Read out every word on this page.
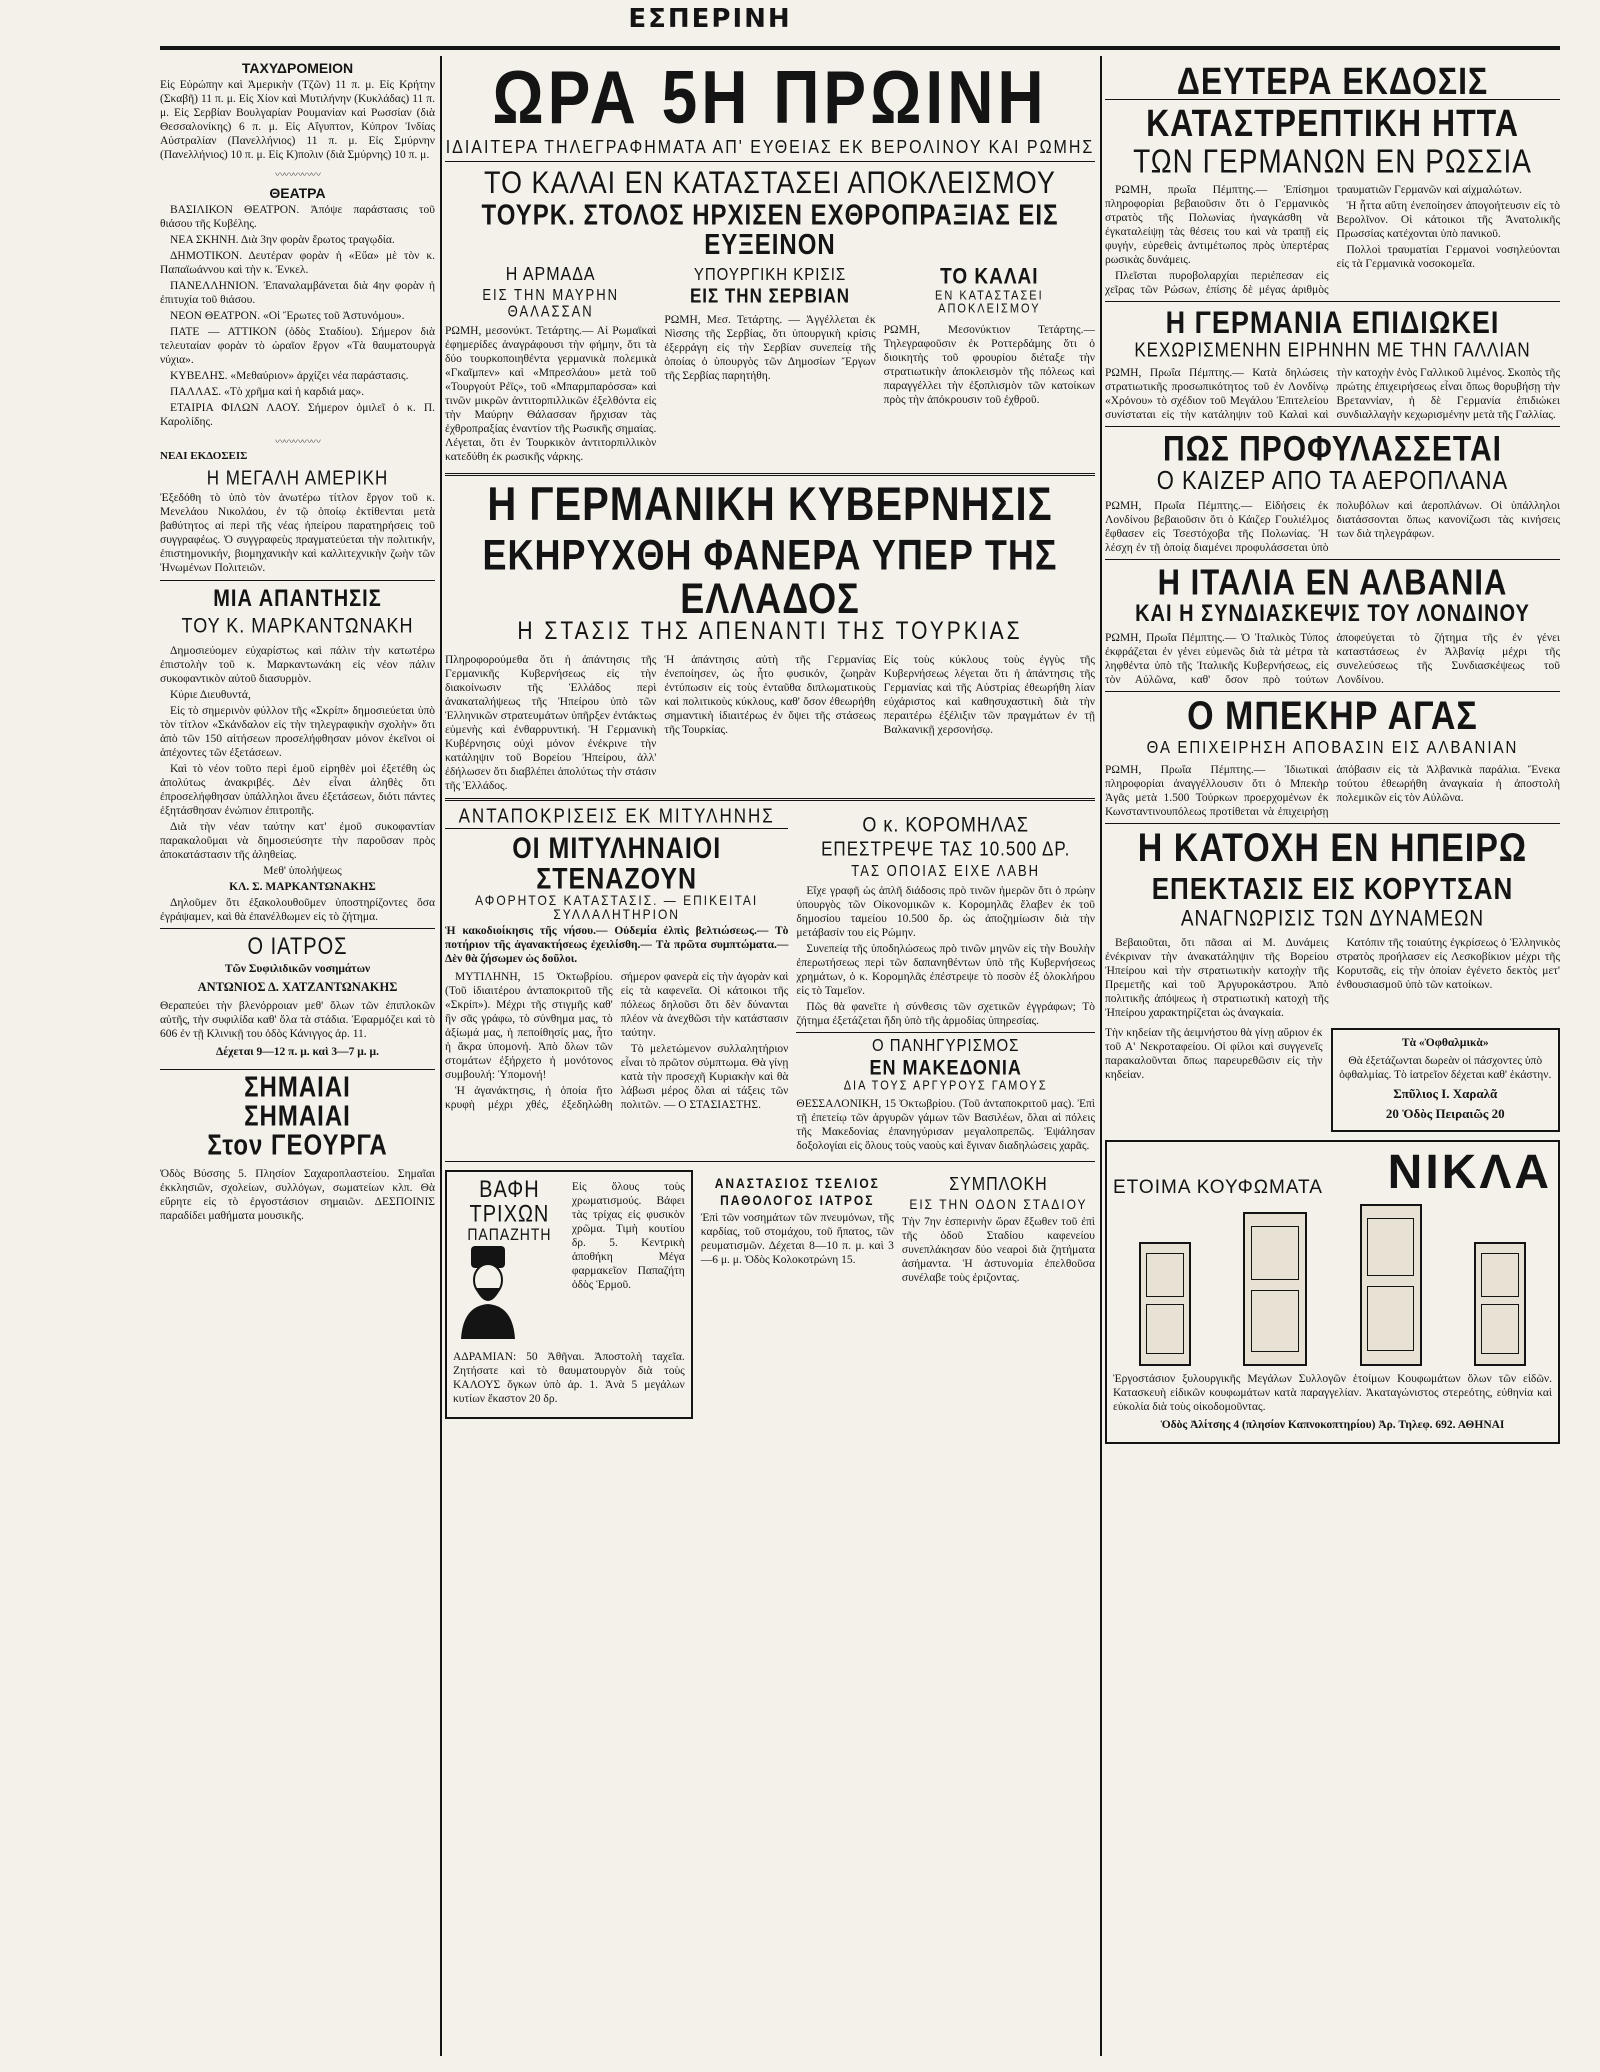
ΕΣΠΕΡΙΝΗ
ΤΑΧΥΔΡΟΜΕΙΟΝ
Εἰς Εὐρώπην καὶ Ἀμερικὴν (Τζῶν) 11 π. μ. Εἰς Κρήτην (Σκαβῆ) 11 π. μ. Εἰς Χίον καὶ Μυτιλήνην (Κυκλάδας) 11 π. μ. Εἰς Σερβίαν Βουλγαρίαν Ρουμανίαν καὶ Ρωσσίαν (διὰ Θεσσαλονίκης) 6 π. μ. Εἰς Αἴγυπτον, Κύπρον Ἰνδίας Αὐστραλίαν (Πανελλήνιος) 11 π. μ. Εἰς Σμύρνην (Πανελλήνιος) 10 π. μ. Εἰς Κ)πολιν (διὰ Σμύρνης) 10 π. μ.
〰〰〰〰〰
ΘΕΑΤΡΑ

ΒΑΣΙΛΙΚΟΝ ΘΕΑΤΡΟΝ. Ἀπόψε παράστασις τοῦ θιάσου τῆς Κυβέλης.

ΝΕΑ ΣΚΗΝΗ. Διὰ 3ην φορὰν ἔρωτος τραγῳδία.

ΔΗΜΟΤΙΚΟΝ. Δευτέραν φορὰν ἡ «Εὔα» μὲ τὸν κ. Παπαϊωάννου καὶ τὴν κ. Ἐνκελ.

ΠΑΝΕΛΛΗΝΙΟΝ. Ἐπαναλαμβάνεται διὰ 4ην φορὰν ἡ ἐπιτυχία τοῦ θιάσου.

ΝΕΟΝ ΘΕΑΤΡΟΝ. «Οἱ Ἔρωτες τοῦ Ἀστυνόμου».

ΠΑΤΕ — ΑΤΤΙΚΟΝ (ὁδὸς Σταδίου). Σήμερον διὰ τελευταίαν φορὰν τὸ ὡραῖον ἔργον «Τὰ θαυματουργὰ νύχια».

ΚΥΒΕΛΗΣ. «Μεθαύριον» ἀρχίζει νέα παράστασις.

ΠΑΛΛΑΣ. «Τὸ χρῆμα καὶ ἡ καρδιά μας».

ΕΤΑΙΡΙΑ ΦΙΛΩΝ ΛΑΟΥ. Σήμερον ὁμιλεῖ ὁ κ. Π. Καρολίδης.

〰〰〰〰〰
ΝΕΑΙ ΕΚΔΟΣΕΙΣ
Η ΜΕΓΑΛΗ ΑΜΕΡΙΚΗ
Ἐξεδόθη τὸ ὑπὸ τὸν ἀνωτέρω τίτλον ἔργον τοῦ κ. Μενελάου Νικολάου, ἐν τῷ ὁποίῳ ἐκτίθενται μετὰ βαθύτητος αἱ περὶ τῆς νέας ἠπείρου παρατηρήσεις τοῦ συγγραφέως. Ὁ συγγραφεὺς πραγματεύεται τὴν πολιτικήν, ἐπιστημονικήν, βιομηχανικὴν καὶ καλλιτεχνικὴν ζωὴν τῶν Ἡνωμένων Πολιτειῶν.
ΜΙΑ ΑΠΑΝΤΗΣΙΣ
ΤΟΥ Κ. ΜΑΡΚΑΝΤΩΝΑΚΗ

Δημοσιεύομεν εὐχαρίστως καὶ πάλιν τὴν κατωτέρω ἐπιστολὴν τοῦ κ. Μαρκαντωνάκη εἰς νέον πάλιν συκοφαντικὸν αὐτοῦ διασυρμὸν.

Κύριε Διευθυντά,

Εἰς τὸ σημερινὸν φύλλον τῆς «Σκρίπ» δημοσιεύεται ὑπὸ τὸν τίτλον «Σκάνδαλον εἰς τὴν τηλεγραφικὴν σχολὴν» ὅτι ἀπὸ τῶν 150 αἰτήσεων προσελήφθησαν μόνον ἐκεῖνοι οἱ ἀπέχοντες τῶν ἐξετάσεων.

Καὶ τὸ νέον τοῦτο περὶ ἐμοῦ εἰρηθὲν μοὶ ἐξετέθη ὡς ἀπολύτως ἀνακριβές. Δὲν εἶναι ἀληθὲς ὅτι ἐπροσελήφθησαν ὑπάλληλοι ἄνευ ἐξετάσεων, διότι πάντες ἐξητάσθησαν ἐνώπιον ἐπιτροπῆς.

Διὰ τὴν νέαν ταύτην κατ' ἐμοῦ συκοφαντίαν παρακαλοῦμαι νὰ δημοσιεύσητε τὴν παροῦσαν πρὸς ἀποκατάστασιν τῆς ἀληθείας.

Μεθ' ὑπολήψεως

ΚΛ. Σ. ΜΑΡΚΑΝΤΩΝΑΚΗΣ

Δηλοῦμεν ὅτι ἐξακολουθοῦμεν ὑποστηρίζοντες ὅσα ἐγράψαμεν, καὶ θὰ ἐπανέλθωμεν εἰς τὸ ζήτημα.

Ο ΙΑΤΡΟΣ
Τῶν Συφιλιδικῶν νοσημάτων
ΑΝΤΩΝΙΟΣ Δ. ΧΑΤΖΑΝΤΩΝΑΚΗΣ
Θεραπεύει τὴν βλενόρροιαν μεθ' ὅλων τῶν ἐπιπλοκῶν αὐτῆς, τὴν συφιλίδα καθ' ὅλα τὰ στάδια. Ἐφαρμόζει καὶ τὸ 606 ἐν τῇ Κλινικῇ του ὁδὸς Κάνιγγος ἀρ. 11.
Δέχεται 9—12 π. μ. καὶ 3—7 μ. μ.
ΣΗΜΑΙΑΙ
ΣΗΜΑΙΑΙ
Στον ΓΕΟΥΡΓΑ
Ὁδὸς Βύσσης 5. Πλησίον Σαχαροπλαστείου. Σημαῖαι ἐκκλησιῶν, σχολείων, συλλόγων, σωματείων κλπ. Θὰ εὕρητε εἰς τὸ ἐργοστάσιον σημαιῶν. ΔΕΣΠΟΙΝΙΣ παραδίδει μαθήματα μουσικῆς.
ΩΡΑ 5Η ΠΡΩΙΝΗ
ΙΔΙΑΙΤΕΡΑ ΤΗΛΕΓΡΑΦΗΜΑΤΑ ΑΠ' ΕΥΘΕΙΑΣ ΕΚ ΒΕΡΟΛΙΝΟΥ ΚΑΙ ΡΩΜΗΣ
ΤΟ ΚΑΛΑΙ ΕΝ ΚΑΤΑΣΤΑΣΕΙ ΑΠΟΚΛΕΙΣΜΟΥ
ΤΟΥΡΚ. ΣΤΟΛΟΣ ΗΡΧΙΣΕΝ ΕΧΘΡΟΠΡΑΞΙΑΣ ΕΙΣ ΕΥΞΕΙΝΟΝ
Η ΑΡΜΑΔΑ
ΕΙΣ ΤΗΝ ΜΑΥΡΗΝ ΘΑΛΑΣΣΑΝ
ΡΩΜΗ, μεσονύκτ. Τετάρτης.— Αἱ Ρωμαϊκαὶ ἐφημερίδες ἀναγράφουσι τὴν φήμην, ὅτι τὰ δύο τουρκοποιηθέντα γερμανικὰ πολεμικὰ «Γκαῖμπεν» καὶ «Μπρεσλάου» μετὰ τοῦ «Τουργοὺτ Ρέϊς», τοῦ «Μπαρμπαρόσσα» καὶ τινῶν μικρῶν ἀντιτορπιλλικῶν ἐξελθόντα εἰς τὴν Μαύρην Θάλασσαν ἤρχισαν τὰς ἐχθροπραξίας ἐναντίον τῆς Ρωσικῆς σημαίας. Λέγεται, ὅτι ἐν Τουρκικὸν ἀντιτορπιλλικὸν κατεδύθη ἐκ ρωσικῆς νάρκης.
ΥΠΟΥΡΓΙΚΗ ΚΡΙΣΙΣ
ΕΙΣ ΤΗΝ ΣΕΡΒΙΑΝ
ΡΩΜΗ, Μεσ. Τετάρτης. — Ἀγγέλλεται ἐκ Νὶσσης τῆς Σερβίας, ὅτι ὑπουργικὴ κρίσις ἐξερράγη εἰς τὴν Σερβίαν συνεπείᾳ τῆς ὁποίας ὁ ὑπουργὸς τῶν Δημοσίων Ἔργων τῆς Σερβίας παρητήθη.
ΤΟ ΚΑΛΑΙ
ΕΝ ΚΑΤΑΣΤΑΣΕΙ ΑΠΟΚΛΕΙΣΜΟΥ
ΡΩΜΗ, Μεσονύκτιον Τετάρτης.— Τηλεγραφοῦσιν ἐκ Ροττερδάμης ὅτι ὁ διοικητὴς τοῦ φρουρίου διέταξε τὴν στρατιωτικὴν ἀποκλεισμὸν τῆς πόλεως καὶ παραγγέλλει τὴν ἐξοπλισμὸν τῶν κατοίκων πρὸς τὴν ἀπόκρουσιν τοῦ ἐχθροῦ.
Η ΓΕΡΜΑΝΙΚΗ ΚΥΒΕΡΝΗΣΙΣ
ΕΚΗΡΥΧΘΗ ΦΑΝΕΡΑ ΥΠΕΡ ΤΗΣ ΕΛΛΑΔΟΣ
Η ΣΤΑΣΙΣ ΤΗΣ ΑΠΕΝΑΝΤΙ ΤΗΣ ΤΟΥΡΚΙΑΣ
Πληροφορούμεθα ὅτι ἡ ἀπάντησις τῆς Γερμανικῆς Κυβερνήσεως εἰς τὴν διακοίνωσιν τῆς Ἑλλάδος περὶ ἀνακαταλήψεως τῆς Ἠπείρου ὑπὸ τῶν Ἑλληνικῶν στρατευμάτων ὑπῆρξεν ἐντάκτως εὐμενὴς καὶ ἐνθαρρυντική. Ἡ Γερμανικὴ Κυβέρνησις οὐχὶ μόνον ἐνέκρινε τὴν κατάληψιν τοῦ Βορείου Ἠπείρου, ἀλλ' ἐδήλωσεν ὅτι διαβλέπει ἀπολύτως τὴν στάσιν τῆς Ἑλλάδος.
Ἡ ἀπάντησις αὐτὴ τῆς Γερμανίας ἐνεποίησεν, ὡς ἦτο φυσικόν, ζωηρὰν ἐντύπωσιν εἰς τοὺς ἐνταῦθα διπλωματικοὺς καὶ πολιτικοὺς κύκλους, καθ' ὅσον ἐθεωρήθη σημαντικὴ ἰδιαιτέρως ἐν ὄψει τῆς στάσεως τῆς Τουρκίας.
Εἰς τοὺς κύκλους τοὺς ἐγγὺς τῆς Κυβερνήσεως λέγεται ὅτι ἡ ἀπάντησις τῆς Γερμανίας καὶ τῆς Αὐστρίας ἐθεωρήθη λίαν εὐχάριστος καὶ καθησυχαστικὴ διὰ τὴν περαιτέρω ἐξέλιξιν τῶν πραγμάτων ἐν τῇ Βαλκανικῇ χερσονήσῳ.
ΑΝΤΑΠΟΚΡΙΣΕΙΣ ΕΚ ΜΙΤΥΛΗΝΗΣ
ΟΙ ΜΙΤΥΛΗΝΑΙΟΙ ΣΤΕΝΑΖΟΥΝ
ΑΦΟΡΗΤΟΣ ΚΑΤΑΣΤΑΣΙΣ. — ΕΠΙΚΕΙΤΑΙ ΣΥΛΛΑΛΗΤΗΡΙΟΝ
Ἡ κακοδιοίκησις τῆς νήσου.— Οὐδεμία ἐλπὶς βελτιώσεως.— Τὸ ποτήριον τῆς ἀγανακτήσεως ἐχειλίσθη.— Τὰ πρῶτα συμπτώματα.— Δὲν θὰ ζήσωμεν ὡς δοῦλοι.

ΜΥΤΙΛΗΝΗ, 15 Ὀκτωβρίου. (Τοῦ ἰδιαιτέρου ἀνταποκριτοῦ τῆς «Σκρίπ»). Μέχρι τῆς στιγμῆς καθ' ἣν σᾶς γράφω, τὸ σύνθημα μας, τὸ ἀξίωμά μας, ἡ πεποίθησίς μας, ἦτο ἡ ἄκρα ὑπομονή. Ἀπὸ ὅλων τῶν στομάτων ἐξήρχετο ἡ μονότονος συμβουλή: Ὑπομονή!

Ἡ ἀγανάκτησις, ἡ ὁποία ἤτο κρυφὴ μέχρι χθές, ἐξεδηλώθη σήμερον φανερὰ εἰς τὴν ἀγορὰν καὶ εἰς τὰ καφενεῖα. Οἱ κάτοικοι τῆς πόλεως δηλοῦσι ὅτι δὲν δύνανται πλέον νὰ ἀνεχθῶσι τὴν κατάστασιν ταύτην.

Τὸ μελετώμενον συλλαλητήριον εἶναι τὸ πρῶτον σύμπτωμα. Θὰ γίνῃ κατὰ τὴν προσεχῆ Κυριακὴν καὶ θὰ λάβωσι μέρος ὅλαι αἱ τάξεις τῶν πολιτῶν. — Ο ΣΤΑΣΙΑΣΤΗΣ.

Ο κ. ΚΟΡΟΜΗΛΑΣ
ΕΠΕΣΤΡΕΨΕ ΤΑΣ 10.500 ΔΡ.
ΤΑΣ ΟΠΟΙΑΣ ΕΙΧΕ ΛΑΒΗ

Εἴχε γραφῆ ὡς ἁπλῆ διάδοσις πρὸ τινῶν ἡμερῶν ὅτι ὁ πρώην ὑπουργὸς τῶν Οἰκονομικῶν κ. Κορομηλᾶς ἔλαβεν ἐκ τοῦ δημοσίου ταμείου 10.500 δρ. ὡς ἀποζημίωσιν διὰ τὴν μετάβασίν του εἰς Ρώμην.

Συνεπείᾳ τῆς ὑποδηλώσεως πρὸ τινῶν μηνῶν εἰς τὴν Βουλὴν ἐπερωτήσεως περὶ τῶν δαπανηθέντων ὑπὸ τῆς Κυβερνήσεως χρημάτων, ὁ κ. Κορομηλᾶς ἐπέστρεψε τὸ ποσὸν ἐξ ὁλοκλήρου εἰς τὸ Ταμεῖον.

Πῶς θὰ φανεῖτε ἡ σύνθεσις τῶν σχετικῶν ἐγγράφων; Τὸ ζήτημα ἐξετάζεται ἤδη ὑπὸ τῆς ἁρμοδίας ὑπηρεσίας.

Ο ΠΑΝΗΓΥΡΙΣΜΟΣ
ΕΝ ΜΑΚΕΔΟΝΙΑ
ΔΙΑ ΤΟΥΣ ΑΡΓΥΡΟΥΣ ΓΑΜΟΥΣ
ΘΕΣΣΑΛΟΝΙΚΗ, 15 Ὀκτωβρίου. (Τοῦ ἀνταποκριτοῦ μας). Ἐπὶ τῇ ἐπετείῳ τῶν ἀργυρῶν γάμων τῶν Βασιλέων, ὅλαι αἱ πόλεις τῆς Μακεδονίας ἐπανηγύρισαν μεγαλοπρεπῶς. Ἐψάλησαν δοξολογίαι εἰς ὅλους τοὺς ναοὺς καὶ ἔγιναν διαδηλώσεις χαρᾶς.
ΒΑΦΗ ΤΡΙΧΩΝ
ΠΑΠΑΖΗΤΗ
Εἰς ὅλους τοὺς χρωματισμούς. Βάφει τὰς τρίχας εἰς φυσικὸν χρῶμα. Τιμὴ κουτίου δρ. 5. Κεντρικὴ ἀποθήκη Μέγα φαρμακεῖον Παπαζήτη ὁδὸς Ἑρμοῦ.
ΑΔΡΑΜΙΑΝ: 50 Ἀθῆναι. Ἀποστολὴ ταχεῖα. Ζητήσατε καὶ τὸ θαυματουργὸν διὰ τοὺς ΚΑΛΟΥΣ ὄγκων ὑπὸ ἀρ. 1. Ἀνὰ 5 μεγάλων κυτίων ἕκαστον 20 δρ.
ΑΝΑΣΤΑΣΙΟΣ ΤΣΕΛΙΟΣ
ΠΑΘΟΛΟΓΟΣ ΙΑΤΡΟΣ
Ἐπὶ τῶν νοσημάτων τῶν πνευμόνων, τῆς καρδίας, τοῦ στομάχου, τοῦ ἥπατος, τῶν ρευματισμῶν. Δέχεται 8—10 π. μ. καὶ 3—6 μ. μ. Ὁδὸς Κολοκοτρώνη 15.
ΣΥΜΠΛΟΚΗ
ΕΙΣ ΤΗΝ ΟΔΟΝ ΣΤΑΔΙΟΥ
Τὴν 7ην ἑσπερινὴν ὥραν ἔξωθεν τοῦ ἐπὶ τῆς ὁδοῦ Σταδίου καφενείου συνεπλάκησαν δύο νεαροὶ διὰ ζητήματα ἀσήμαντα. Ἡ ἀστυνομία ἐπελθοῦσα συνέλαβε τοὺς ἐριζοντας.
ΔΕΥΤΕΡΑ ΕΚΔΟΣΙΣ
ΚΑΤΑΣΤΡΕΠΤΙΚΗ ΗΤΤΑ
ΤΩΝ ΓΕΡΜΑΝΩΝ ΕΝ ΡΩΣΣΙΑ

ΡΩΜΗ, πρωΐα Πέμπτης.— Ἐπίσημοι πληροφορίαι βεβαιοῦσιν ὅτι ὁ Γερμανικὸς στρατὸς τῆς Πολωνίας ἠναγκάσθη νὰ ἐγκαταλείψῃ τὰς θέσεις του καὶ νὰ τραπῇ εἰς φυγήν, εὑρεθεὶς ἀντιμέτωπος πρὸς ὑπερτέρας ρωσικὰς δυνάμεις.

Πλεῖσται πυροβολαρχίαι περιέπεσαν εἰς χεῖρας τῶν Ρώσων, ἐπίσης δὲ μέγας ἀριθμὸς τραυματιῶν Γερμανῶν καὶ αἰχμαλώτων.

Ἡ ἧττα αὕτη ἐνεποίησεν ἀπογοήτευσιν εἰς τὸ Βερολῖνον. Οἱ κάτοικοι τῆς Ἀνατολικῆς Πρωσσίας κατέχονται ὑπὸ πανικοῦ.

Πολλοὶ τραυματίαι Γερμανοὶ νοσηλεύονται εἰς τὰ Γερμανικὰ νοσοκομεῖα.

Η ΓΕΡΜΑΝΙΑ ΕΠΙΔΙΩΚΕΙ
ΚΕΧΩΡΙΣΜΕΝΗΝ ΕΙΡΗΝΗΝ ΜΕ ΤΗΝ ΓΑΛΛΙΑΝ
ΡΩΜΗ, Πρωΐα Πέμπτης.— Κατὰ δηλώσεις στρατιωτικῆς προσωπικότητος τοῦ ἐν Λονδίνῳ «Χρόνου» τὸ σχέδιον τοῦ Μεγάλου Ἐπιτελείου συνίσταται εἰς τὴν κατάληψιν τοῦ Καλαὶ καὶ τὴν κατοχὴν ἑνὸς Γαλλικοῦ λιμένος. Σκοπὸς τῆς πρώτης ἐπιχειρήσεως εἶναι ὅπως θορυβήσῃ τὴν Βρεταννίαν, ἡ δὲ Γερμανία ἐπιδιώκει συνδιαλλαγὴν κεχωρισμένην μετὰ τῆς Γαλλίας.
ΠΩΣ ΠΡΟΦΥΛΑΣΣΕΤΑΙ
Ο ΚΑΙΖΕΡ ΑΠΟ ΤΑ ΑΕΡΟΠΛΑΝΑ
ΡΩΜΗ, Πρωΐα Πέμπτης.— Εἰδήσεις ἐκ Λονδίνου βεβαιοῦσιν ὅτι ὁ Κάιζερ Γουλιέλμος ἔφθασεν εἰς Τσεστόχοβα τῆς Πολωνίας. Ἡ λέσχη ἐν τῇ ὁποίᾳ διαμένει προφυλάσσεται ὑπὸ πολυβόλων καὶ ἀεροπλάνων. Οἱ ὑπάλληλοι διατάσσονται ὅπως κανονίζωσι τὰς κινήσεις των διὰ τηλεγράφων.
Η ΙΤΑΛΙΑ ΕΝ ΑΛΒΑΝΙΑ
ΚΑΙ Η ΣΥΝΔΙΑΣΚΕΨΙΣ ΤΟΥ ΛΟΝΔΙΝΟΥ
ΡΩΜΗ, Πρωΐα Πέμπτης.— Ὁ Ἰταλικὸς Τύπος ἐκφράζεται ἐν γένει εὐμενῶς διὰ τὰ μέτρα τὰ ληφθέντα ὑπὸ τῆς Ἰταλικῆς Κυβερνήσεως, εἰς τὸν Αὐλῶνα, καθ' ὅσον πρὸ τούτων ἀποφεύγεται τὸ ζήτημα τῆς ἐν γένει καταστάσεως ἐν Ἀλβανίᾳ μέχρι τῆς συνελεύσεως τῆς Συνδιασκέψεως τοῦ Λονδίνου.
Ο ΜΠΕΚΗΡ ΑΓΑΣ
ΘΑ ΕΠΙΧΕΙΡΗΣΗ ΑΠΟΒΑΣΙΝ ΕΙΣ ΑΛΒΑΝΙΑΝ
ΡΩΜΗ, Πρωΐα Πέμπτης.— Ἰδιωτικαὶ πληροφορίαι ἀναγγέλλουσιν ὅτι ὁ Μπεκὴρ Ἀγᾶς μετὰ 1.500 Τούρκων προερχομένων ἐκ Κωνσταντινουπόλεως προτίθεται νὰ ἐπιχειρήσῃ ἀπόβασιν εἰς τὰ Ἀλβανικὰ παράλια. Ἕνεκα τούτου ἐθεωρήθη ἀναγκαία ἡ ἀποστολὴ πολεμικῶν εἰς τὸν Αὐλῶνα.
Η ΚΑΤΟΧΗ ΕΝ ΗΠΕΙΡΩ
ΕΠΕΚΤΑΣΙΣ ΕΙΣ ΚΟΡΥΤΣΑΝ
ΑΝΑΓΝΩΡΙΣΙΣ ΤΩΝ ΔΥΝΑΜΕΩΝ

Βεβαιοῦται, ὅτι πᾶσαι αἱ Μ. Δυνάμεις ἐνέκριναν τὴν ἀνακατάληψιν τῆς Βορείου Ἠπείρου καὶ τὴν στρατιωτικὴν κατοχὴν τῆς Πρεμετῆς καὶ τοῦ Ἀργυροκάστρου. Ἀπὸ πολιτικῆς ἀπόψεως ἡ στρατιωτικὴ κατοχὴ τῆς Ἠπείρου χαρακτηρίζεται ὡς ἀναγκαία.

Κατόπιν τῆς τοιαύτης ἐγκρίσεως ὁ Ἑλληνικὸς στρατὸς προήλασεν εἰς Λεσκοβίκιον μέχρι τῆς Κορυτσᾶς, εἰς τὴν ὁποίαν ἐγένετο δεκτὸς μετ' ἐνθουσιασμοῦ ὑπὸ τῶν κατοίκων.

Τὴν κηδείαν τῆς ἀειμνήστου θὰ γίνῃ αὔριον ἐκ τοῦ Α' Νεκροταφείου. Οἱ φίλοι καὶ συγγενεῖς παρακαλοῦνται ὅπως παρευρεθῶσιν εἰς τὴν κηδείαν.
Τὰ «Ὀφθαλμικὰ»
Θὰ ἐξετάζωνται δωρεὰν οἱ πάσχοντες ὑπὸ ὀφθαλμίας. Τὸ ἰατρεῖον δέχεται καθ' ἑκάστην.
Σπῦλιος Ι. Χαραλᾶ
20 Ὁδὸς Πειραιῶς 20
ΕΤΟΙΜΑ ΚΟΥΦΩΜΑΤΑ ΝΙΚΛΑ
Ἐργοστάσιον ξυλουργικῆς Μεγάλων Συλλογῶν ἑτοίμων Κουφωμάτων ὅλων τῶν εἰδῶν. Κατασκευὴ εἰδικῶν κουφωμάτων κατὰ παραγγελίαν. Ἀκαταγώνιστος στερεότης, εὐθηνία καὶ εὐκολία διὰ τοὺς οἰκοδομοῦντας.
Ὁδὸς Ἀλίτσης 4 (πλησίον Καπνοκοπτηρίου) Ἀρ. Τηλεφ. 692. ΑΘΗΝΑΙ
